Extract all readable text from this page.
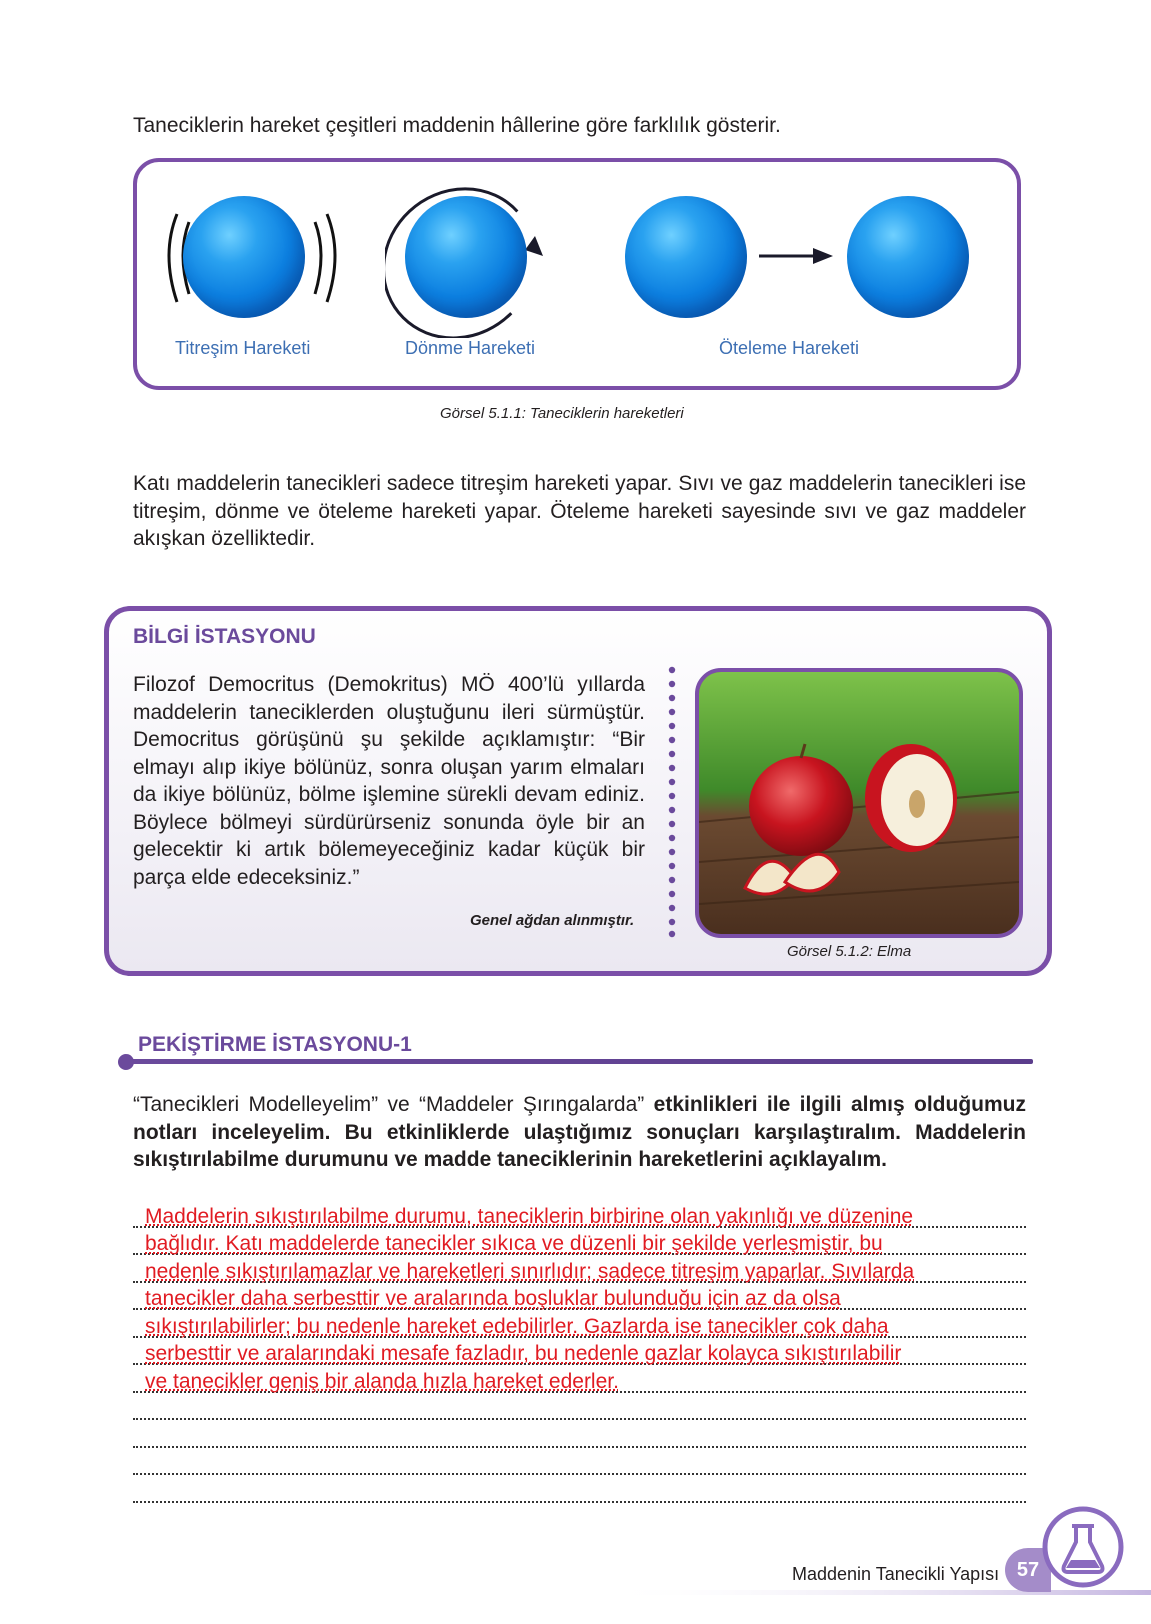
Taneciklerin hareket çeşitleri maddenin hâllerine göre farklılık gösterir.
Titreşim Hareketi	Dönme Hareketi	Öteleme Hareketi
Görsel 5.1.1: Taneciklerin hareketleri
Katı maddelerin tanecikleri sadece titreşim hareketi yapar. Sıvı ve gaz maddelerin tanecikleri ise titreşim, dönme ve öteleme hareketi yapar. Öteleme hareketi sayesinde sıvı ve gaz maddeler akışkan özelliktedir.
BİLGİ İSTASYONU
Filozof Democritus (Demokritus) MÖ 400’lü yıllarda maddelerin taneciklerden oluştuğunu ileri sürmüştür. Democritus görüşünü şu şekilde açıklamıştır: “Bir elmayı alıp ikiye bölünüz, sonra oluşan yarım elmaları da ikiye bölünüz, bölme işlemine sürekli devam ediniz. Böylece bölmeyi sürdürürseniz sonunda öyle bir an gelecektir ki artık bölemeyeceğiniz kadar küçük bir parça elde edeceksiniz.”
Genel ağdan alınmıştır.
Görsel 5.1.2: Elma
PEKİŞTİRME İSTASYONU-1
“Tanecikleri Modelleyelim” ve “Maddeler Şırıngalarda” etkinlikleri ile ilgili almış olduğumuz notları inceleyelim. Bu etkinliklerde ulaştığımız sonuçları karşılaştıralım. Maddelerin sıkıştırılabilme durumunu ve madde taneciklerinin hareketlerini açıklayalım.
Maddelerin sıkıştırılabilme durumu, taneciklerin birbirine olan yakınlığı ve düzenine
bağlıdır. Katı maddelerde tanecikler sıkıca ve düzenli bir şekilde yerleşmiştir, bu
nedenle sıkıştırılamazlar ve hareketleri sınırlıdır; sadece titreşim yaparlar. Sıvılarda
tanecikler daha serbesttir ve aralarında boşluklar bulunduğu için az da olsa
sıkıştırılabilirler; bu nedenle hareket edebilirler. Gazlarda ise tanecikler çok daha
serbesttir ve aralarındaki mesafe fazladır, bu nedenle gazlar kolayca sıkıştırılabilir
ve tanecikler geniş bir alanda hızla hareket ederler.
Maddenin Tanecikli Yapısı 57
